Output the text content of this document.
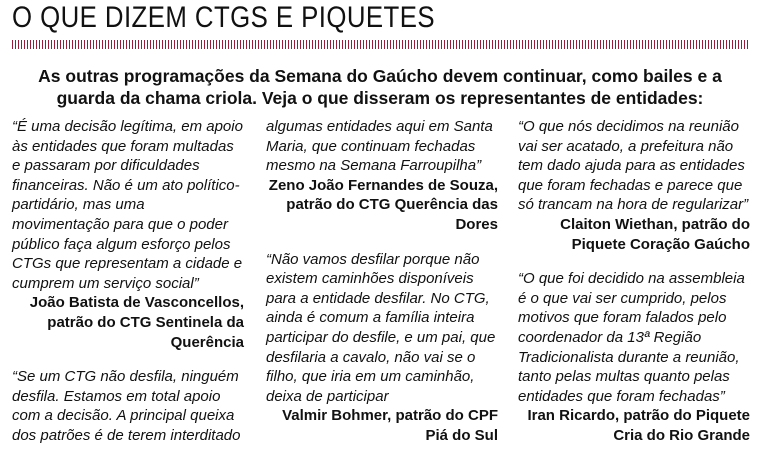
O QUE DIZEM CTGS E PIQUETES

As outras programações da Semana do Gaúcho devem continuar, como bailes e a guarda da chama criola. Veja o que disseram os representantes de entidades:

“É uma decisão legítima, em apoio às entidades que foram multadas e passaram por dificuldades financeiras. Não é um ato político-partidário, mas uma movimentação para que o poder público faça algum esforço pelos CTGs que representam a cidade e cumprem um serviço social”
João Batista de Vasconcellos, patrão do CTG Sentinela da Querência

“Se um CTG não desfila, ninguém desfila. Estamos em total apoio com a decisão. A principal queixa dos patrões é de terem interditado

algumas entidades aqui em Santa Maria, que continuam fechadas mesmo na Semana Farroupilha”
Zeno João Fernandes de Souza, patrão do CTG Querência das Dores

“Não vamos desfilar porque não existem caminhões disponíveis para a entidade desfilar. No CTG, ainda é comum a família inteira participar do desfile, e um pai, que desfilaria a cavalo, não vai se o filho, que iria em um caminhão, deixa de participar
Valmir Bohmer, patrão do CPF Piá do Sul

“O que nós decidimos na reunião vai ser acatado, a prefeitura não tem dado ajuda para as entidades que foram fechadas e parece que só trancam na hora de regularizar”
Claiton Wiethan, patrão do Piquete Coração Gaúcho

“O que foi decidido na assembleia é o que vai ser cumprido, pelos motivos que foram falados pelo coordenador da 13ª Região Tradicionalista durante a reunião, tanto pelas multas quanto pelas entidades que foram fechadas”
Iran Ricardo, patrão do Piquete Cria do Rio Grande
